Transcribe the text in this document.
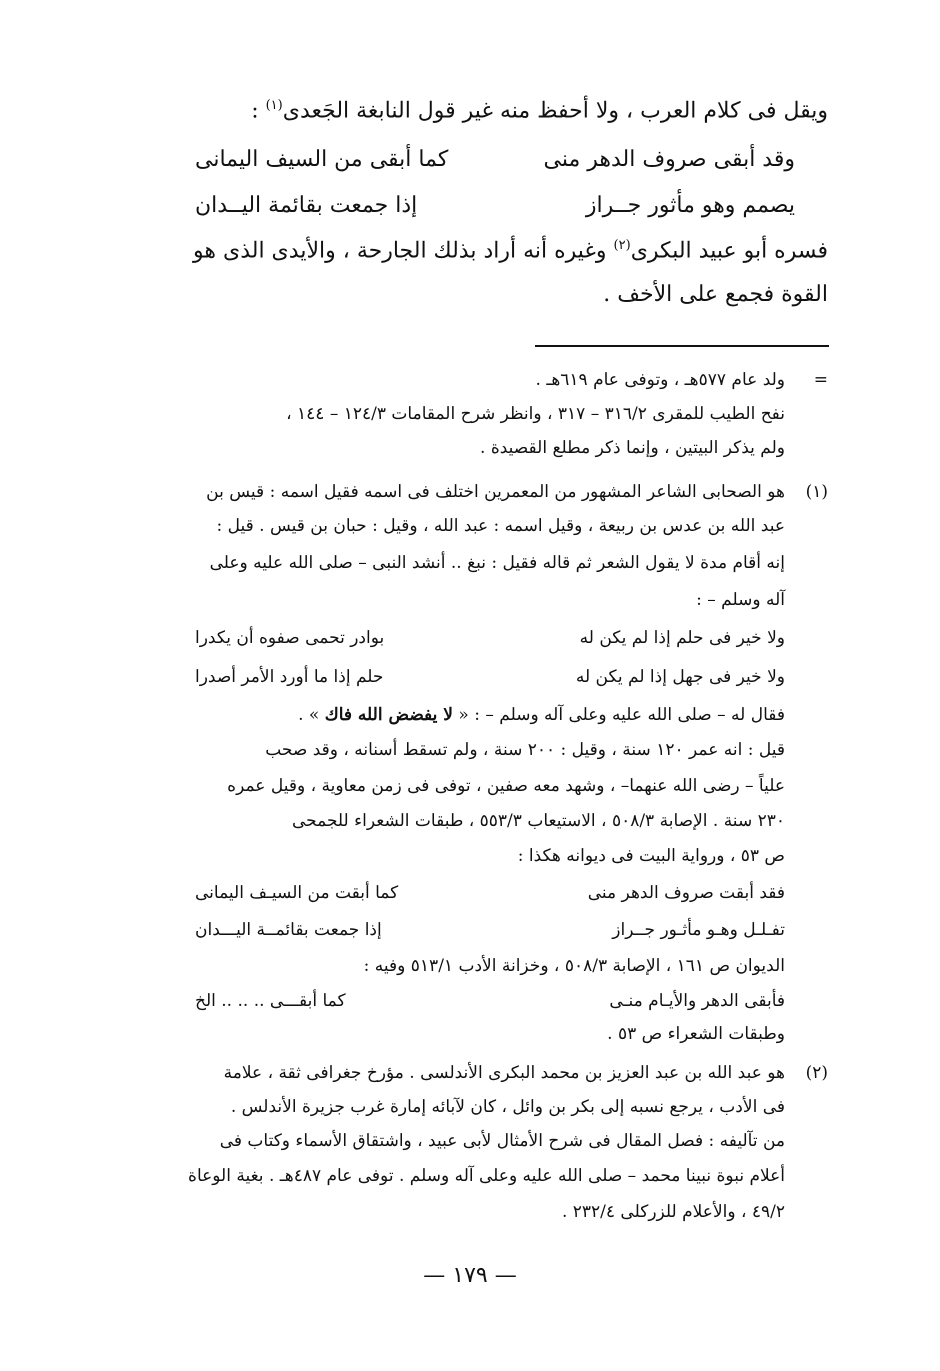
ويقل فى كلام العرب ، ولا أحفظ منه غير قول النابغة الجَعدى$^{(١)}$ :
وقد أبقى صروف الدهر منى
كما أبقى من السيف اليمانى
يصمم وهو مأثور جــراز
إذا جمعت بقائمة اليــدان
فسره أبو عبيد البكرى$^{(٢)}$ وغيره أنه أراد بذلك الجارحة ، والأيدى الذى هو
القوة فجمع على الأخف .
=
ولد عام ٥٧٧هـ ، وتوفى عام ٦١٩هـ .
نفح الطيب للمقرى ٣١٦/٢ – ٣١٧ ، وانظر شرح المقامات ١٢٤/٣ – ١٤٤ ،
ولم يذكر البيتين ، وإنما ذكر مطلع القصيدة .
(١)
هو الصحابى الشاعر المشهور من المعمرين اختلف فى اسمه فقيل اسمه : قيس بن
عبد الله بن عدس بن ربيعة ، وقيل اسمه : عبد الله ، وقيل : حبان بن قيس . قيل :
إنه أقام مدة لا يقول الشعر ثم قاله فقيل : نبغ .. أنشد النبى – صلى الله عليه وعلى
آله وسلم – :
ولا خير فى حلم إذا لم يكن له
بوادر تحمى صفوه أن يكدرا
ولا خير فى جهل إذا لم يكن له
حلم إذا ما أورد الأمر أصدرا
فقال له – صلى الله عليه وعلى آله وسلم – : « لا يفضض الله فاك » .
قيل : انه عمر ١٢٠ سنة ، وقيل : ٢٠٠ سنة ، ولم تسقط أسنانه ، وقد صحب
علياً – رضى الله عنهما– ، وشهد معه صفين ، توفى فى زمن معاوية ، وقيل عمره
٢٣٠ سنة . الإصابة ٥٠٨/٣ ، الاستيعاب ٥٥٣/٣ ، طبقات الشعراء للجمحى
ص ٥٣ ، ورواية البيت فى ديوانه هكذا :
فقد أبقت صروف الدهر منى
كما أبقت من السيـف اليمانى
تفـلـل وهـو مأثـور جــراز
إذا جمعت بقائمــة اليـــدان
الديوان ص ١٦١ ، الإصابة ٥٠٨/٣ ، وخزانة الأدب ٥١٣/١ وفيه :
فأبقى الدهر والأيـام منـى
كما أبقـــى .. .. .. الخ
وطبقات الشعراء ص ٥٣ .
(٢)
هو عبد الله بن عبد العزيز بن محمد البكرى الأندلسى . مؤرخ جغرافى ثقة ، علامة
فى الأدب ، يرجع نسبه إلى بكر بن وائل ، كان لآبائه إمارة غرب جزيرة الأندلس .
من تآليفه : فصل المقال فى شرح الأمثال لأبى عبيد ، واشتقاق الأسماء وكتاب فى
أعلام نبوة نبينا محمد – صلى الله عليه وعلى آله وسلم . توفى عام ٤٨٧هـ . بغية الوعاة
٤٩/٢ ، والأعلام للزركلى ٢٣٢/٤ .
— ١٧٩ —
